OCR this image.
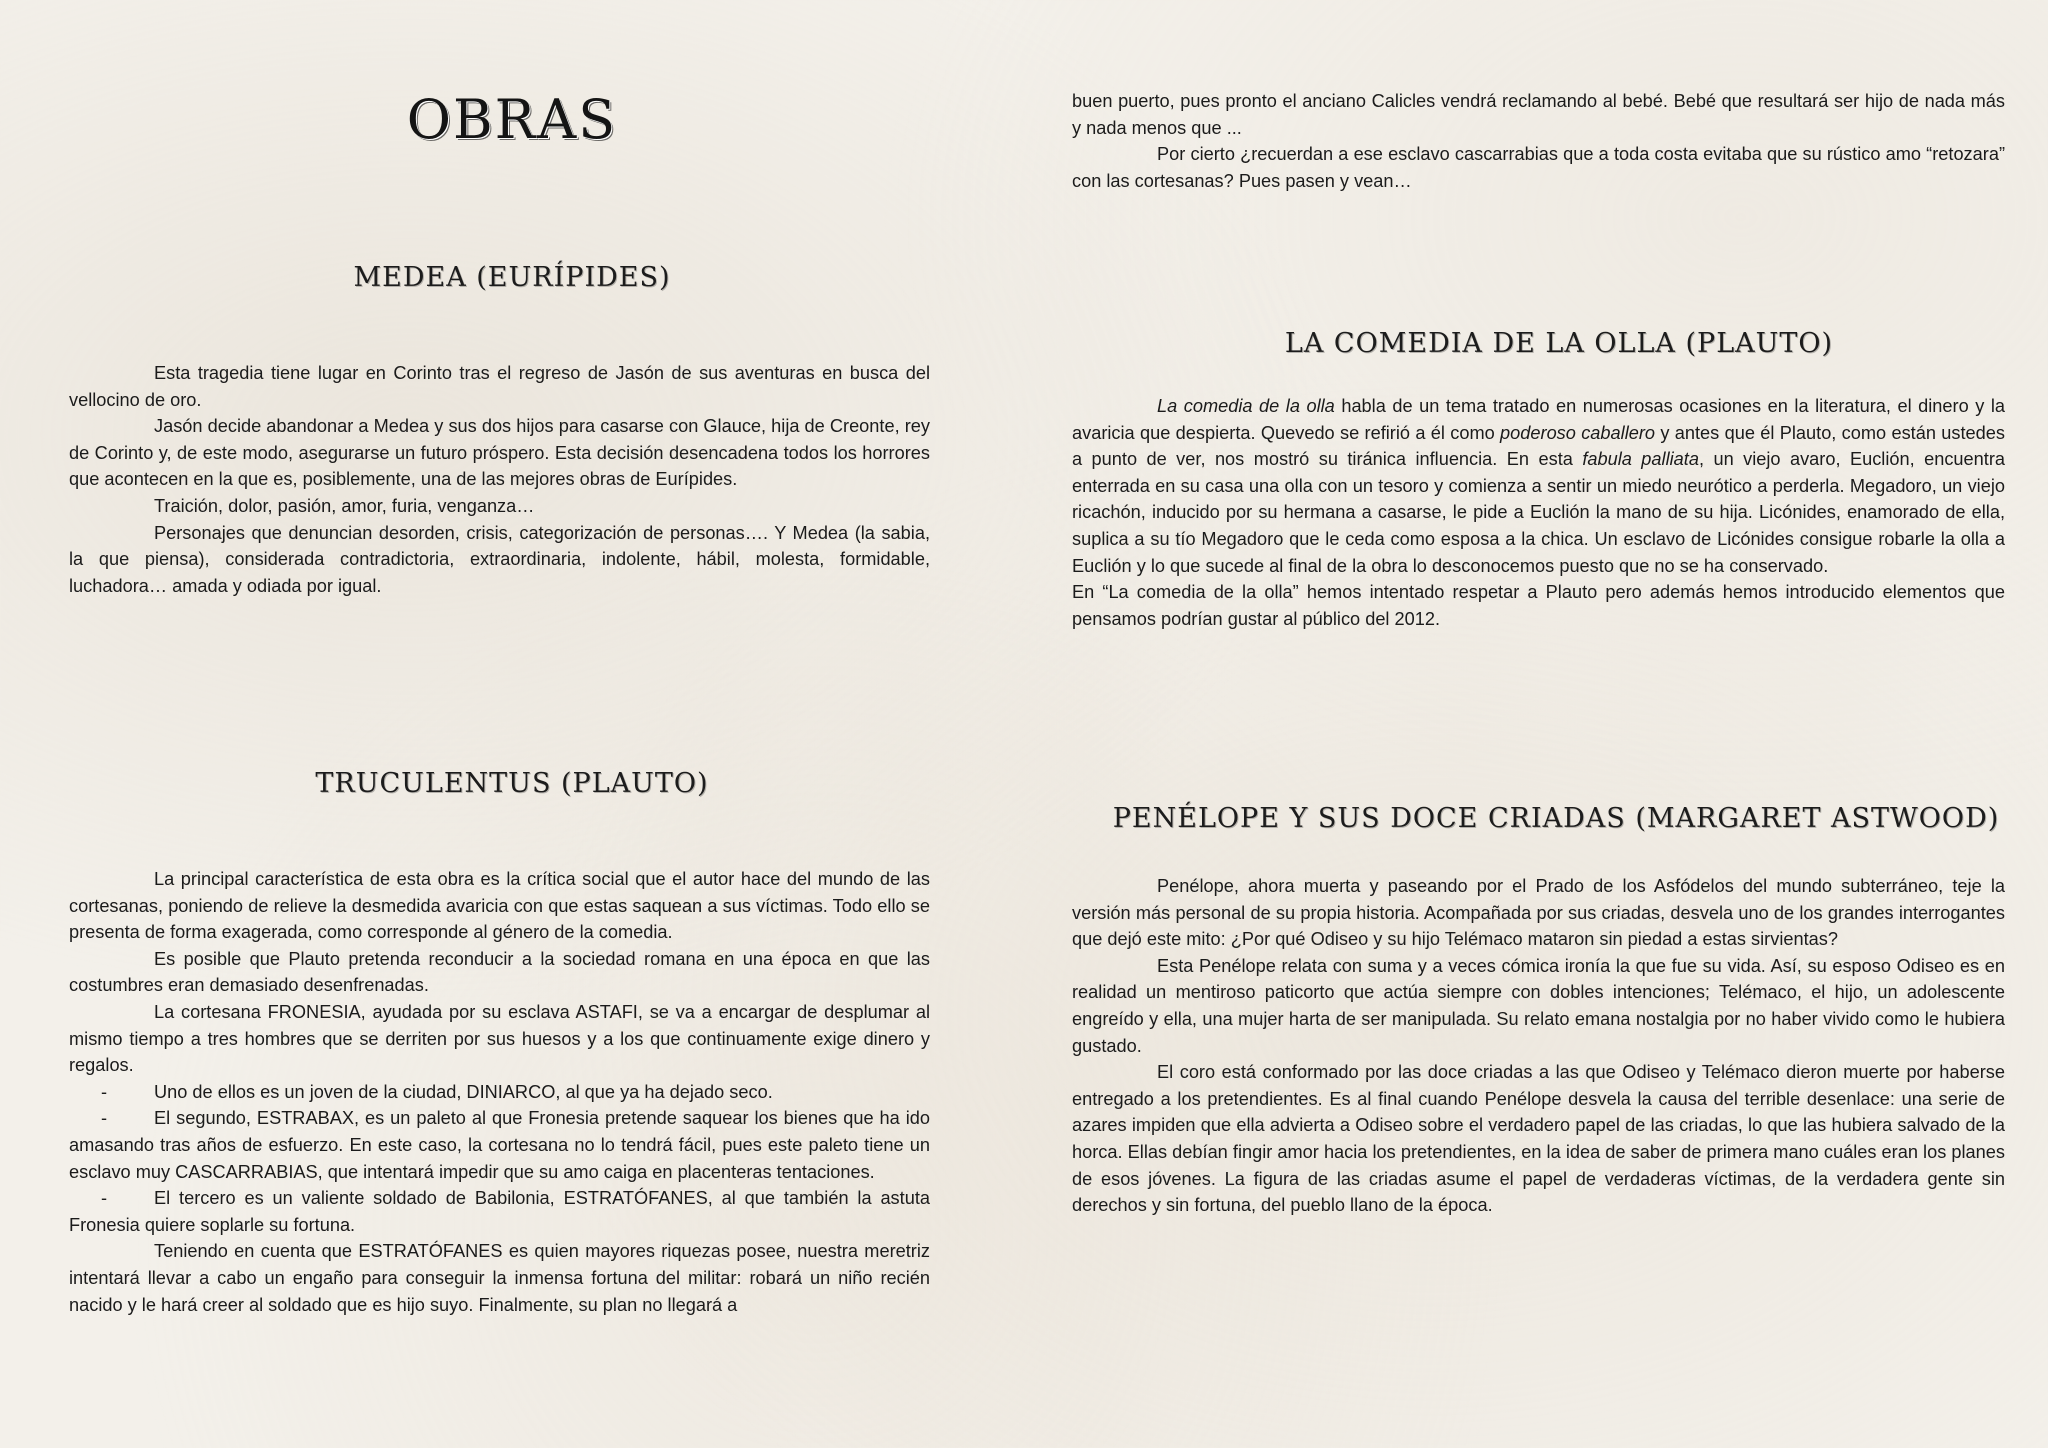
OBRAS
MEDEA (EURÍPIDES)

Esta tragedia tiene lugar en Corinto tras el regreso de Jasón de sus aventuras en busca del vellocino de oro.

Jasón decide abandonar a Medea y sus dos hijos para casarse con Glauce, hija de Creonte, rey de Corinto y, de este modo, asegurarse un futuro próspero. Esta decisión desencadena todos los horrores que acontecen en la que es, posiblemente, una de las mejores obras de Eurípides.

Traición, dolor, pasión, amor, furia, venganza…

Personajes que denuncian desorden, crisis, categorización de personas…. Y Medea (la sabia, la que piensa), considerada contradictoria, extraordinaria, indolente, hábil, molesta, formidable, luchadora… amada y odiada por igual.

TRUCULENTUS (PLAUTO)

La principal característica de esta obra es la crítica social que el autor hace del mundo de las cortesanas, poniendo de relieve la desmedida avaricia con que estas saquean a sus víctimas. Todo ello se presenta de forma exagerada, como corresponde al género de la comedia.

Es posible que Plauto pretenda reconducir a la sociedad romana en una época en que las costumbres eran demasiado desenfrenadas.

La cortesana FRONESIA, ayudada por su esclava ASTAFI, se va a encargar de desplumar al mismo tiempo a tres hombres que se derriten por sus huesos y a los que continuamente exige dinero y regalos.

-	Uno de ellos es un joven de la ciudad, DINIARCO, al que ya ha dejado seco.

-	El segundo, ESTRABAX, es un paleto al que Fronesia pretende saquear los bienes que ha ido amasando tras años de esfuerzo. En este caso, la cortesana no lo tendrá fácil, pues este paleto tiene un esclavo muy CASCARRABIAS, que intentará impedir que su amo caiga en placenteras tentaciones.

-	El tercero es un valiente soldado de Babilonia, ESTRATÓFANES, al que también la astuta Fronesia quiere soplarle su fortuna.

Teniendo en cuenta que ESTRATÓFANES es quien mayores riquezas posee, nuestra meretriz intentará llevar a cabo un engaño para conseguir la inmensa fortuna del militar: robará un niño recién nacido y le hará creer al soldado que es hijo suyo. Finalmente, su plan no llegará a

buen puerto, pues pronto el anciano Calicles vendrá reclamando al bebé. Bebé que resultará ser hijo de nada más y nada menos que ...

Por cierto ¿recuerdan a ese esclavo cascarrabias que a toda costa evitaba que su rústico amo “retozara” con las cortesanas? Pues pasen y vean…

LA COMEDIA DE LA OLLA (PLAUTO)

La comedia de la olla habla de un tema tratado en numerosas ocasiones en la literatura, el dinero y la avaricia que despierta. Quevedo se refirió a él como poderoso caballero y antes que él Plauto, como están ustedes a punto de ver, nos mostró su tiránica influencia. En esta fabula palliata, un viejo avaro, Euclión, encuentra enterrada en su casa una olla con un tesoro y comienza a sentir un miedo neurótico a perderla. Megadoro, un viejo ricachón, inducido por su hermana a casarse, le pide a Euclión la mano de su hija. Licónides, enamorado de ella, suplica a su tío Megadoro que le ceda como esposa a la chica. Un esclavo de Licónides consigue robarle la olla a Euclión y lo que sucede al final de la obra lo desconocemos puesto que no se ha conservado.

En “La comedia de la olla” hemos intentado respetar a Plauto pero además hemos introducido elementos que pensamos podrían gustar al público del 2012.

PENÉLOPE Y SUS DOCE CRIADAS (MARGARET ASTWOOD)

Penélope, ahora muerta y paseando por el Prado de los Asfódelos del mundo subterráneo, teje la versión más personal de su propia historia. Acompañada por sus criadas, desvela uno de los grandes interrogantes que dejó este mito: ¿Por qué Odiseo y su hijo Telémaco mataron sin piedad a estas sirvientas?

Esta Penélope relata con suma y a veces cómica ironía la que fue su vida. Así, su esposo Odiseo es en realidad un mentiroso paticorto que actúa siempre con dobles intenciones; Telémaco, el hijo, un adolescente engreído y ella, una mujer harta de ser manipulada. Su relato emana nostalgia por no haber vivido como le hubiera gustado.

El coro está conformado por las doce criadas a las que Odiseo y Telémaco dieron muerte por haberse entregado a los pretendientes. Es al final cuando Penélope desvela la causa del terrible desenlace: una serie de azares impiden que ella advierta a Odiseo sobre el verdadero papel de las criadas, lo que las hubiera salvado de la horca. Ellas debían fingir amor hacia los pretendientes, en la idea de saber de primera mano cuáles eran los planes de esos jóvenes. La figura de las criadas asume el papel de verdaderas víctimas, de la verdadera gente sin derechos y sin fortuna, del pueblo llano de la época.
